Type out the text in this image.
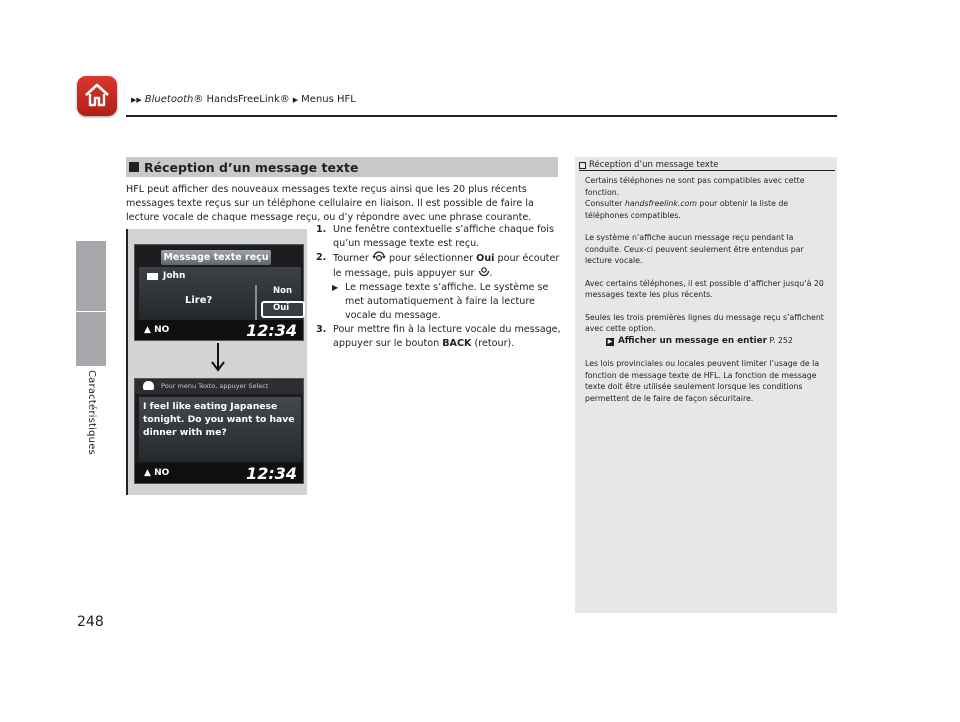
▶▶ Bluetooth ® HandsFreeLink® ▶ Menus HFL
Caractéristiques
248
Réception d’un message texte
HFL peut afficher des nouveaux messages texte reçus ainsi que les 20 plus récents messages texte reçus sur un téléphone cellulaire en liaison. Il est possible de faire la lecture vocale de chaque message reçu, ou d’y répondre avec une phrase courante.
1. Une fenêtre contextuelle s’affiche chaque fois qu’un message texte est reçu.
2. Tourner pour sélectionner Oui pour écouter le message, puis appuyer sur .
▶ Le message texte s’affiche. Le système se met automatiquement à faire la lecture vocale du message.
3. Pour mettre fin à la lecture vocale du message, appuyer sur le bouton BACK (retour).
Message texte reçu
John
Lire?
Non
Oui
▲ NO	12:34
Pour menu Texto, appuyer Select
I feel like eating Japanese tonight. Do you want to have dinner with me?
▲ NO	12:34
Réception d’un message texte

Certains téléphones ne sont pas compatibles avec cette fonction.
Consulter handsfreelink.com pour obtenir la liste de téléphones compatibles.

Le système n’affiche aucun message reçu pendant la conduite. Ceux-ci peuvent seulement être entendus par lecture vocale.

Avec certains téléphones, il est possible d’afficher jusqu’à 20 messages texte les plus récents.

Seules les trois premières lignes du message reçu s’affichent avec cette option.
▶ Afficher un message en entier P. 252

Les lois provinciales ou locales peuvent limiter l’usage de la fonction de message texte de HFL. La fonction de message texte doit être utilisée seulement lorsque les conditions permettent de le faire de façon sécuritaire.
